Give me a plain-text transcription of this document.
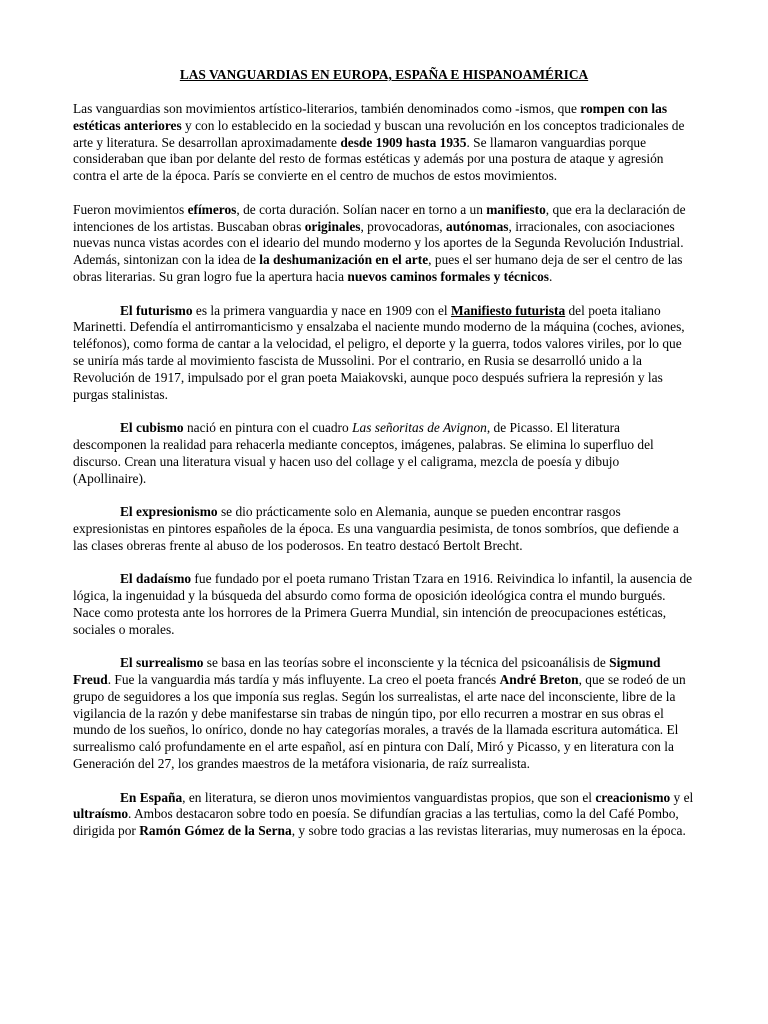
LAS VANGUARDIAS EN EUROPA, ESPAÑA E HISPANOAMÉRICA

Las vanguardias son movimientos artístico-literarios, también denominados como -ismos, que rompen con las estéticas anteriores y con lo establecido en la sociedad y buscan una revolución en los conceptos tradicionales de arte y literatura. Se desarrollan aproximadamente desde 1909 hasta 1935. Se llamaron vanguardias porque consideraban que iban por delante del resto de formas estéticas y además por una postura de ataque y agresión contra el arte de la época. París se convierte en el centro de muchos de estos movimientos.

Fueron movimientos efímeros, de corta duración. Solían nacer en torno a un manifiesto, que era la declaración de intenciones de los artistas. Buscaban obras originales, provocadoras, autónomas, irracionales, con asociaciones nuevas nunca vistas acordes con el ideario del mundo moderno y los aportes de la Segunda Revolución Industrial. Además, sintonizan con la idea de la deshumanización en el arte, pues el ser humano deja de ser el centro de las obras literarias. Su gran logro fue la apertura hacia nuevos caminos formales y técnicos.

El futurismo es la primera vanguardia y nace en 1909 con el Manifiesto futurista del poeta italiano Marinetti. Defendía el antirromanticismo y ensalzaba el naciente mundo moderno de la máquina (coches, aviones, teléfonos), como forma de cantar a la velocidad, el peligro, el deporte y la guerra, todos valores viriles, por lo que se uniría más tarde al movimiento fascista de Mussolini. Por el contrario, en Rusia se desarrolló unido a la Revolución de 1917, impulsado por el gran poeta Maiakovski, aunque poco después sufriera la represión y las purgas stalinistas.

El cubismo nació en pintura con el cuadro Las señoritas de Avignon, de Picasso. El literatura descomponen la realidad para rehacerla mediante conceptos, imágenes, palabras. Se elimina lo superfluo del discurso. Crean una literatura visual y hacen uso del collage y el caligrama, mezcla de poesía y dibujo (Apollinaire).

El expresionismo se dio prácticamente solo en Alemania, aunque se pueden encontrar rasgos expresionistas en pintores españoles de la época. Es una vanguardia pesimista, de tonos sombríos, que defiende a las clases obreras frente al abuso de los poderosos. En teatro destacó Bertolt Brecht.

El dadaísmo fue fundado por el poeta rumano Tristan Tzara en 1916. Reivindica lo infantil, la ausencia de lógica, la ingenuidad y la búsqueda del absurdo como forma de oposición ideológica contra el mundo burgués. Nace como protesta ante los horrores de la Primera Guerra Mundial, sin intención de preocupaciones estéticas, sociales o morales.

El surrealismo se basa en las teorías sobre el inconsciente y la técnica del psicoanálisis de Sigmund Freud. Fue la vanguardia más tardía y más influyente. La creo el poeta francés André Breton, que se rodeó de un grupo de seguidores a los que imponía sus reglas. Según los surrealistas, el arte nace del inconsciente, libre de la vigilancia de la razón y debe manifestarse sin trabas de ningún tipo, por ello recurren a mostrar en sus obras el mundo de los sueños, lo onírico, donde no hay categorías morales, a través de la llamada escritura automática. El surrealismo caló profundamente en el arte español, así en pintura con Dalí, Miró y Picasso, y en literatura con la Generación del 27, los grandes maestros de la metáfora visionaria, de raíz surrealista.

En España, en literatura, se dieron unos movimientos vanguardistas propios, que son el creacionismo y el ultraísmo. Ambos destacaron sobre todo en poesía. Se difundían gracias a las tertulias, como la del Café Pombo, dirigida por Ramón Gómez de la Serna, y sobre todo gracias a las revistas literarias, muy numerosas en la época.
